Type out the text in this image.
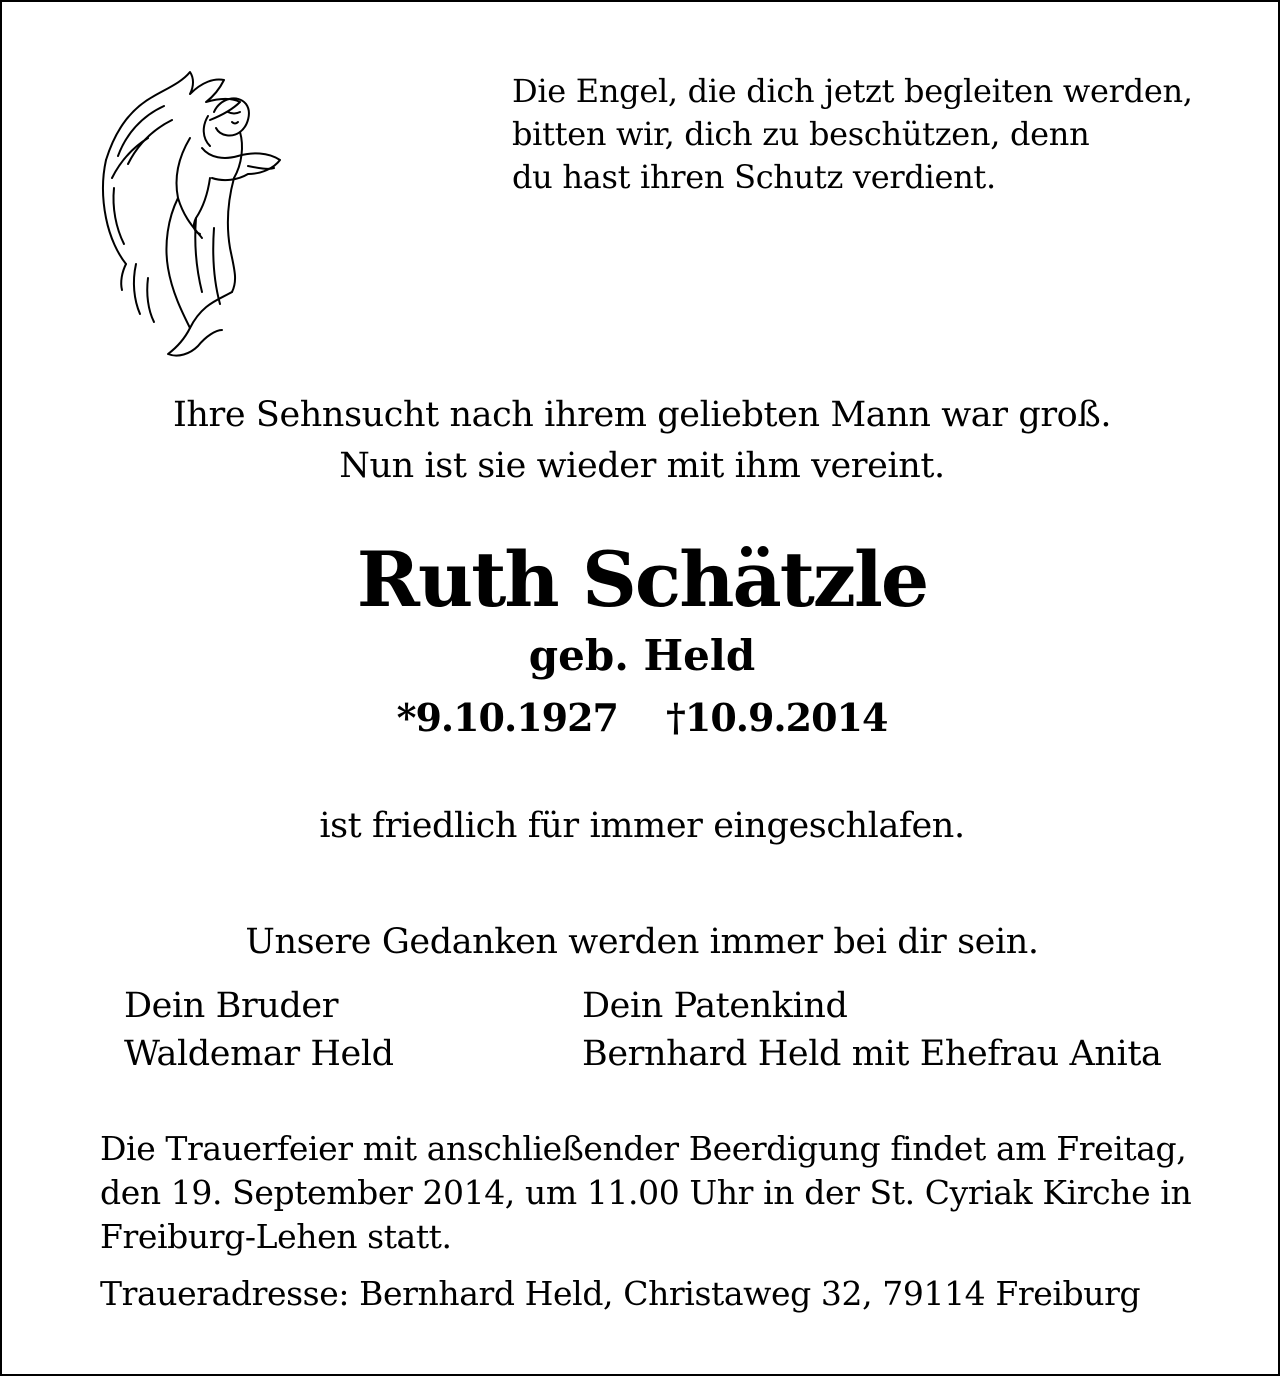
Die Engel, die dich jetzt begleiten werden,
bitten wir, dich zu beschützen, denn
du hast ihren Schutz verdient.
Ihre Sehnsucht nach ihrem geliebten Mann war groß.
Nun ist sie wieder mit ihm vereint.
Ruth Schätzle
geb. Held
*9.10.1927 †10.9.2014
ist friedlich für immer eingeschlafen.
Unsere Gedanken werden immer bei dir sein.
Dein Bruder
Waldemar Held
Dein Patenkind
Bernhard Held mit Ehefrau Anita
Die Trauerfeier mit anschließender Beerdigung findet am Freitag,
den 19. September 2014, um 11.00 Uhr in der St. Cyriak Kirche in
Freiburg-Lehen statt.
Traueradresse: Bernhard Held, Christaweg 32, 79114 Freiburg
